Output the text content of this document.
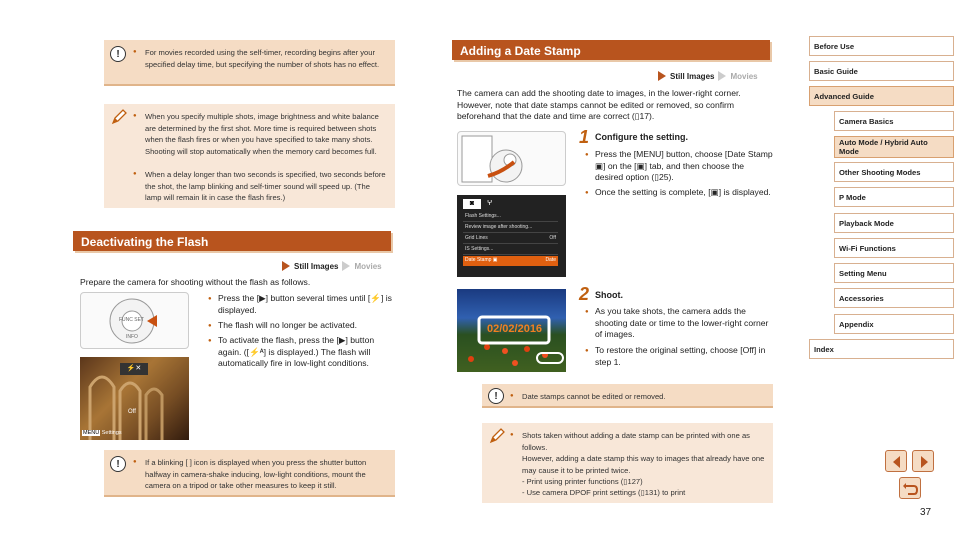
!	● For movies recorded using the self-timer, recording begins after your specified delay time, but specifying the number of shots has no effect.
● When you specify multiple shots, image brightness and white balance are determined by the first shot. More time is required between shots when the flash fires or when you have specified to take many shots. Shooting will stop automatically when the memory card becomes full.
● When a delay longer than two seconds is specified, two seconds before the shot, the lamp blinking and self-timer sound will speed up. (The lamp will remain lit in case the flash fires.)
Deactivating the Flash
Still Images Movies
Prepare the camera for shooting without the flash as follows.
FUNC SET
INFO
⚡✕
Off
MENU Settings
● Press the [▶] button several times until [⚡] is displayed.
● The flash will no longer be activated.
● To activate the flash, press the [▶] button again. ([⚡ᴬ] is displayed.) The flash will automatically fire in low-light conditions.
!	● If a blinking [ ] icon is displayed when you press the shutter button halfway in camera-shake inducing, low-light conditions, mount the camera on a tripod or take other measures to keep it still.
Adding a Date Stamp
Still Images Movies
The camera can add the shooting date to images, in the lower-right corner. However, note that date stamps cannot be edited or removed, so confirm beforehand that the date and time are correct (▯17).
◙	ⵖ
Flash Settings...
Review image after shooting...
Grid Lines	Off
IS Settings...
Date Stamp ▣	Date
1 Configure the setting.
● Press the [MENU] button, choose [Date Stamp ▣] on the [▣] tab, and then choose the desired option (▯25).
● Once the setting is complete, [▣] is displayed.
02/02/2016
2 Shoot.
● As you take shots, the camera adds the shooting date or time to the lower-right corner of images.
● To restore the original setting, choose [Off] in step 1.
!	● Date stamps cannot be edited or removed.
● Shots taken without adding a date stamp can be printed with one as follows.
However, adding a date stamp this way to images that already have one may cause it to be printed twice.
- Print using printer functions (▯127)
- Use camera DPOF print settings (▯131) to print
Before Use
Basic Guide
Advanced Guide
Camera Basics
Auto Mode / Hybrid Auto Mode
Other Shooting Modes
P Mode
Playback Mode
Wi-Fi Functions
Setting Menu
Accessories
Appendix
Index
37
